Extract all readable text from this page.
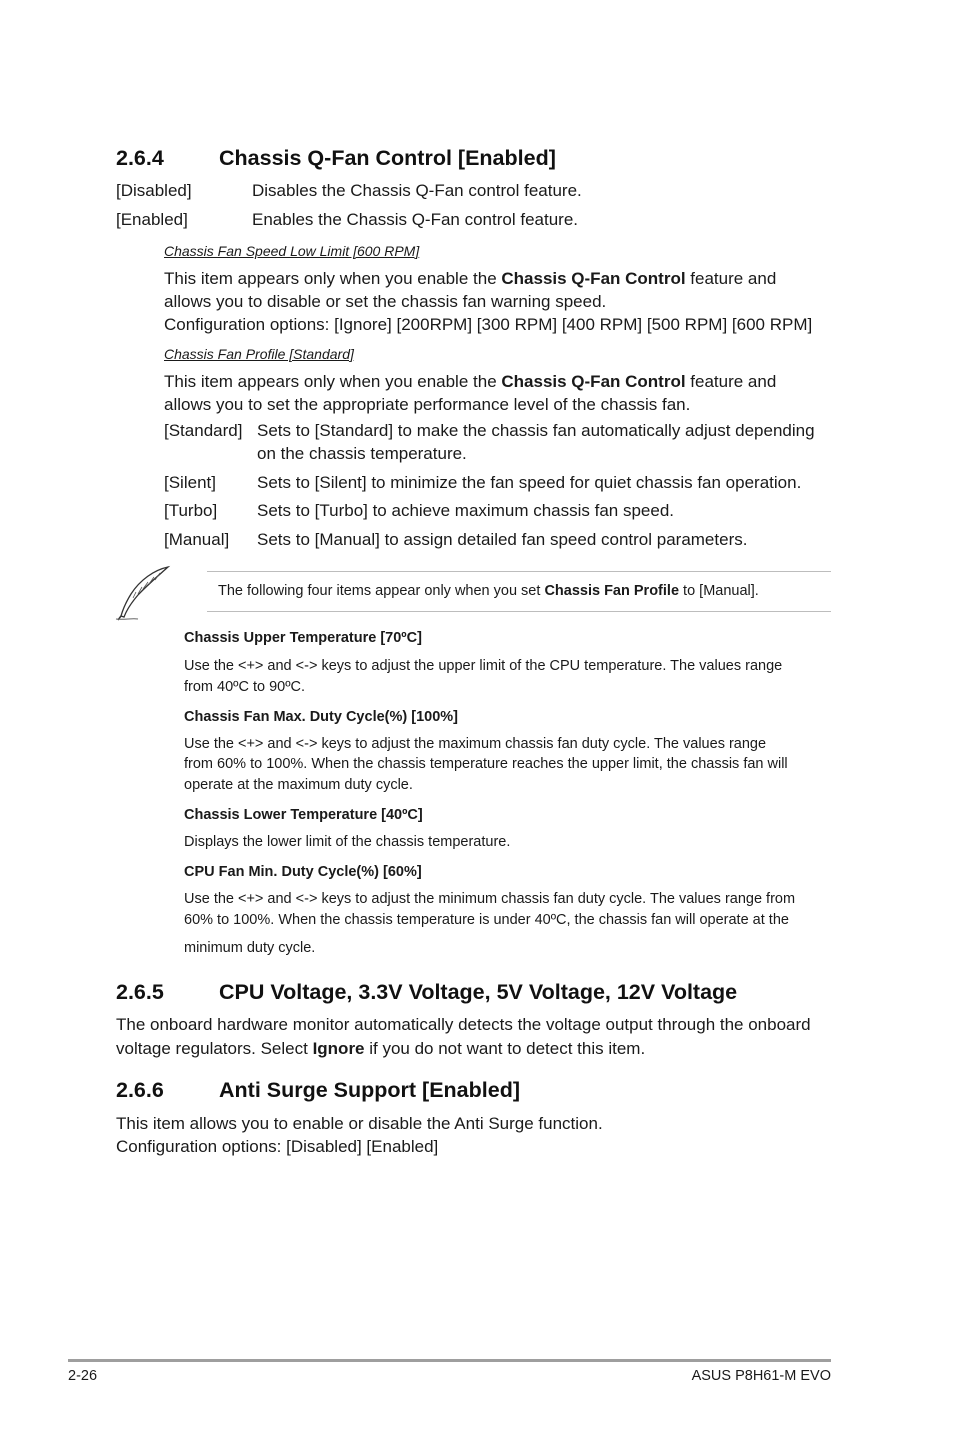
2.6.4	Chassis Q-Fan Control [Enabled]
[Disabled]	Disables the Chassis Q-Fan control feature.
[Enabled]	Enables the Chassis Q-Fan control feature.
Chassis Fan Speed Low Limit [600 RPM]
This item appears only when you enable the Chassis Q-Fan Control feature and
allows you to disable or set the chassis fan warning speed.
Configuration options: [Ignore] [200RPM] [300 RPM] [400 RPM] [500 RPM] [600 RPM]
Chassis Fan Profile [Standard]
This item appears only when you enable the Chassis Q-Fan Control feature and
allows you to set the appropriate performance level of the chassis fan.
[Standard] Sets to [Standard] to make the chassis fan automatically adjust depending
on the chassis temperature.
[Silent] Sets to [Silent] to minimize the fan speed for quiet chassis fan operation.
[Turbo] Sets to [Turbo] to achieve maximum chassis fan speed.
[Manual] Sets to [Manual] to assign detailed fan speed control parameters.
The following four items appear only when you set Chassis Fan Profile to [Manual].
Chassis Upper Temperature [70ºC]
Use the <+> and <-> keys to adjust the upper limit of the CPU temperature. The values range
from 40ºC to 90ºC.
Chassis Fan Max. Duty Cycle(%) [100%]
Use the <+> and <-> keys to adjust the maximum chassis fan duty cycle. The values range
from 60% to 100%. When the chassis temperature reaches the upper limit, the chassis fan will
operate at the maximum duty cycle.
Chassis Lower Temperature [40ºC]
Displays the lower limit of the chassis temperature.
CPU Fan Min. Duty Cycle(%) [60%]
Use the <+> and <-> keys to adjust the minimum chassis fan duty cycle. The values range from
60% to 100%. When the chassis temperature is under 40ºC, the chassis fan will operate at the
minimum duty cycle.
2.6.5	CPU Voltage, 3.3V Voltage, 5V Voltage, 12V Voltage
The onboard hardware monitor automatically detects the voltage output through the onboard
voltage regulators. Select Ignore if you do not want to detect this item.
2.6.6	Anti Surge Support [Enabled]
This item allows you to enable or disable the Anti Surge function.
Configuration options: [Disabled] [Enabled]
2-26	ASUS P8H61-M EVO
